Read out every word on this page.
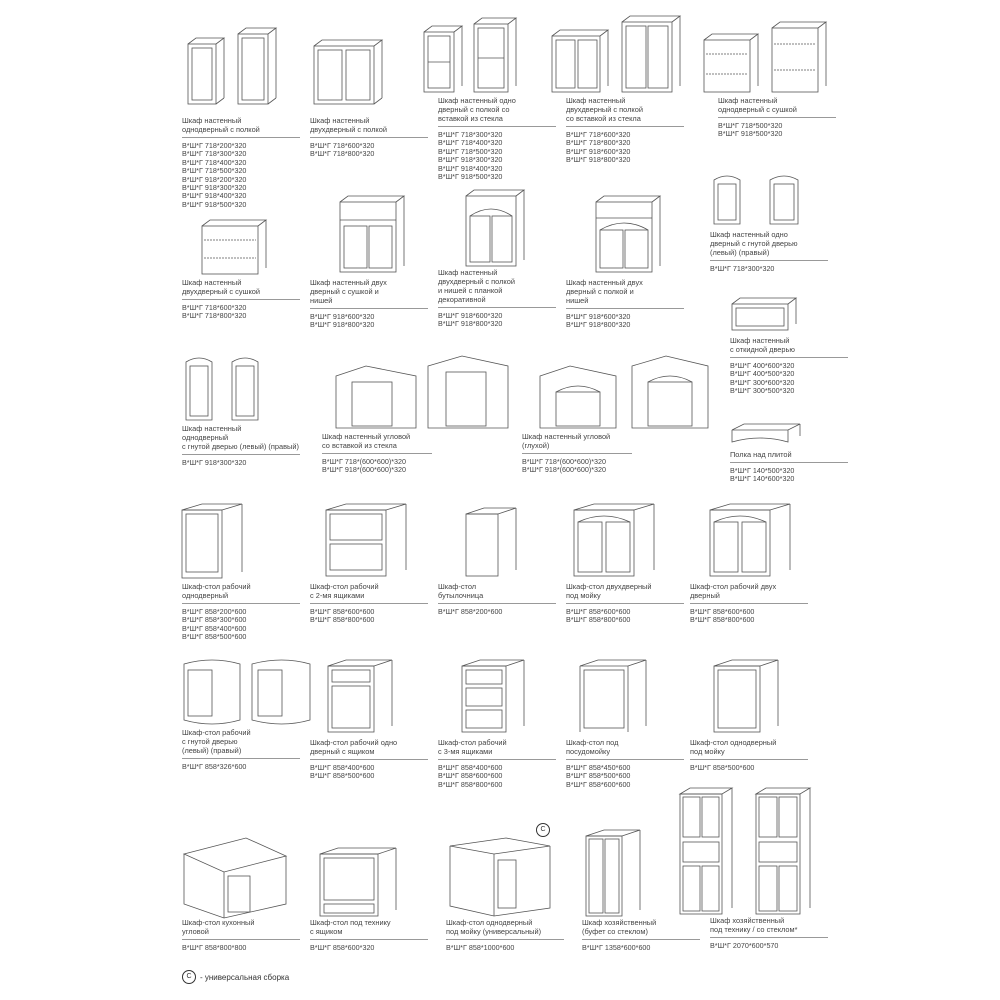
Шкаф настенный
однодверный с полкой
В*Ш*Г 718*200*320
В*Ш*Г 718*300*320
В*Ш*Г 718*400*320
В*Ш*Г 718*500*320
В*Ш*Г 918*200*320
В*Ш*Г 918*300*320
В*Ш*Г 918*400*320
В*Ш*Г 918*500*320
Шкаф настенный
двухдверный с полкой
В*Ш*Г 718*600*320
В*Ш*Г 718*800*320
Шкаф настенный одно
дверный с полкой со
вставкой из стекла
В*Ш*Г 718*300*320
В*Ш*Г 718*400*320
В*Ш*Г 718*500*320
В*Ш*Г 918*300*320
В*Ш*Г 918*400*320
В*Ш*Г 918*500*320
Шкаф настенный
двухдверный с полкой
со вставкой из стекла
В*Ш*Г 718*600*320
В*Ш*Г 718*800*320
В*Ш*Г 918*600*320
В*Ш*Г 918*800*320
Шкаф настенный
однодверный с сушкой
В*Ш*Г 718*500*320
В*Ш*Г 918*500*320
Шкаф настенный
двухдверный с сушкой
В*Ш*Г 718*600*320
В*Ш*Г 718*800*320
Шкаф настенный двух
дверный с сушкой и
нишей
В*Ш*Г 918*600*320
В*Ш*Г 918*800*320
Шкаф настенный
двухдверный с полкой
и нишей с планкой
декоративной
В*Ш*Г 918*600*320
В*Ш*Г 918*800*320
Шкаф настенный двух
дверный с полкой и
нишей
В*Ш*Г 918*600*320
В*Ш*Г 918*800*320
Шкаф настенный одно
дверный с гнутой дверью
(левый) (правый)
В*Ш*Г 718*300*320
Шкаф настенный
с откидной дверью
В*Ш*Г 400*600*320
В*Ш*Г 400*500*320
В*Ш*Г 300*600*320
В*Ш*Г 300*500*320
Шкаф настенный
однодверный
с гнутой дверью (левый) (правый)
В*Ш*Г 918*300*320
Шкаф настенный угловой
со вставкой из стекла
В*Ш*Г 718*(600*600)*320
В*Ш*Г 918*(600*600)*320
Шкаф настенный угловой
(глухой)
В*Ш*Г 718*(600*600)*320
В*Ш*Г 918*(600*600)*320
Полка над плитой
В*Ш*Г 140*500*320
В*Ш*Г 140*600*320
Шкаф-стол рабочий
однодверный
В*Ш*Г 858*200*600
В*Ш*Г 858*300*600
В*Ш*Г 858*400*600
В*Ш*Г 858*500*600
Шкаф-стол рабочий
с 2-мя ящиками
В*Ш*Г 858*600*600
В*Ш*Г 858*800*600
Шкаф-стол
бутылочница
В*Ш*Г 858*200*600
Шкаф-стол двухдверный
под мойку
В*Ш*Г 858*600*600
В*Ш*Г 858*800*600
Шкаф-стол рабочий двух
дверный
В*Ш*Г 858*600*600
В*Ш*Г 858*800*600
Шкаф-стол рабочий
с гнутой дверью
(левый) (правый)
В*Ш*Г 858*326*600
Шкаф-стол рабочий одно
дверный с ящиком
В*Ш*Г 858*400*600
В*Ш*Г 858*500*600
Шкаф-стол рабочий
с 3-мя ящиками
В*Ш*Г 858*400*600
В*Ш*Г 858*600*600
В*Ш*Г 858*800*600
Шкаф-стол под
посудомойку
В*Ш*Г 858*450*600
В*Ш*Г 858*500*600
В*Ш*Г 858*600*600
Шкаф-стол однодверный
под мойку
В*Ш*Г 858*500*600
Шкаф-стол кухонный
угловой
В*Ш*Г 858*800*800
Шкаф-стол под технику
с ящиком
В*Ш*Г 858*600*320
Шкаф-стол однодверный
под мойку (универсальный)
В*Ш*Г 858*1000*600
Шкаф хозяйственный
(буфет со стеклом)
В*Ш*Г 1358*600*600
Шкаф хозяйственный
под технику / со стеклом*
В*Ш*Г 2070*600*570
C
C	- универсальная сборка
